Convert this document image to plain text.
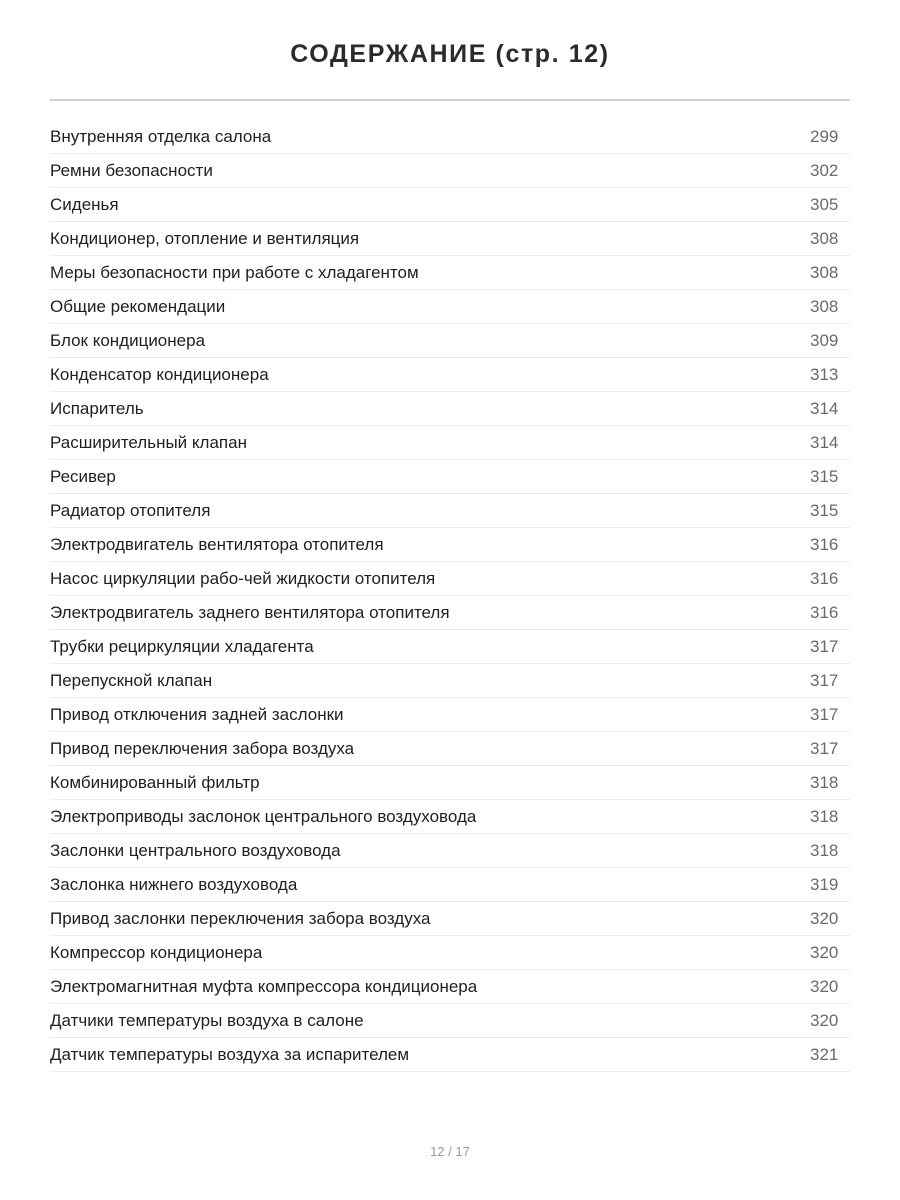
СОДЕРЖАНИЕ (стр. 12)
Внутренняя отделка салона	299
Ремни безопасности	302
Сиденья	305
Кондиционер, отопление и вентиляция	308
Меры безопасности при работе с хладагентом	308
Общие рекомендации	308
Блок кондиционера	309
Конденсатор кондиционера	313
Испаритель	314
Расширительный клапан	314
Ресивер	315
Радиатор отопителя	315
Электродвигатель вентилятора отопителя	316
Насос циркуляции рабо-чей жидкости отопителя	316
Электродвигатель заднего вентилятора отопителя	316
Трубки рециркуляции хладагента	317
Перепускной клапан	317
Привод отключения задней заслонки	317
Привод переключения забора воздуха	317
Комбинированный фильтр	318
Электроприводы заслонок центрального воздуховода	318
Заслонки центрального воздуховода	318
Заслонка нижнего воздуховода	319
Привод заслонки переключения забора воздуха	320
Компрессор кондиционера	320
Электромагнитная муфта компрессора кондиционера	320
Датчики температуры воздуха в салоне	320
Датчик температуры воздуха за испарителем	321
12 / 17
